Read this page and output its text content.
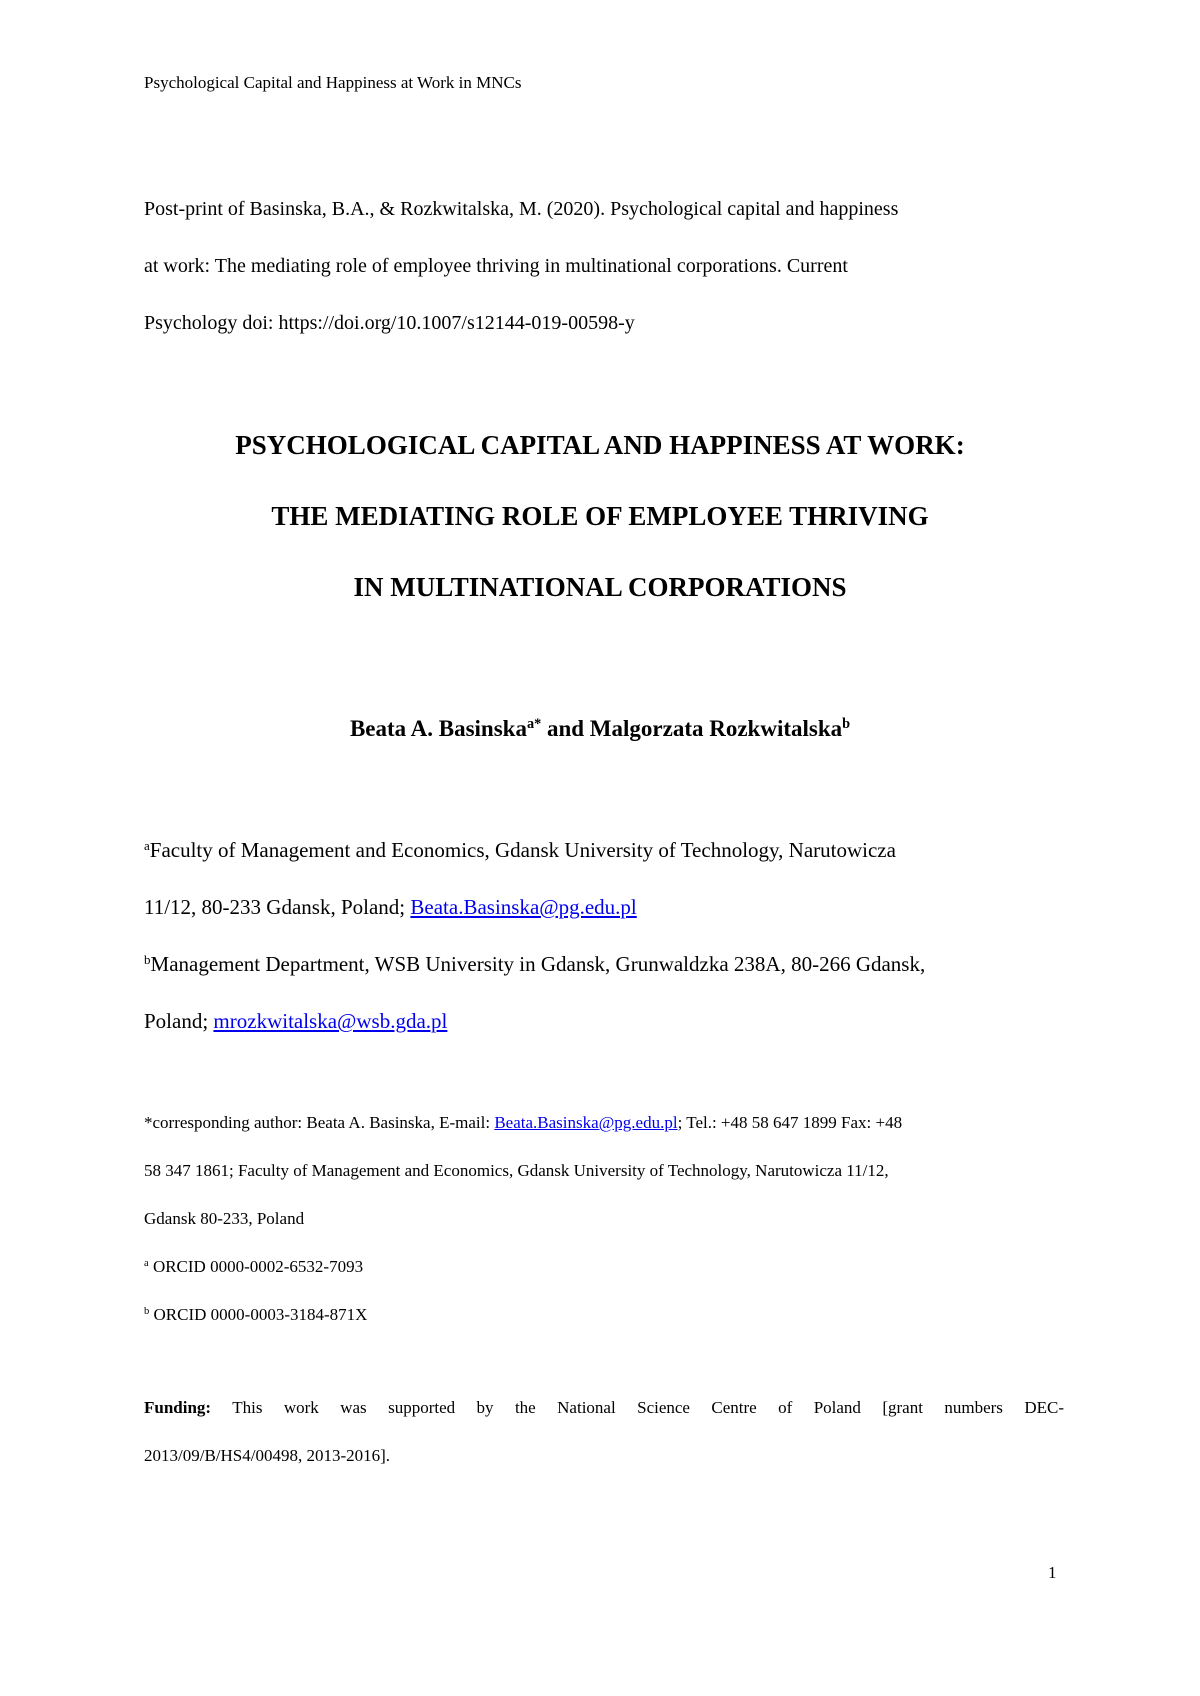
Psychological Capital and Happiness at Work in MNCs
Post-print of Basinska, B.A., & Rozkwitalska, M. (2020). Psychological capital and happiness
at work: The mediating role of employee thriving in multinational corporations. Current
Psychology doi: https://doi.org/10.1007/s12144-019-00598-y
PSYCHOLOGICAL CAPITAL AND HAPPINESS AT WORK:
THE MEDIATING ROLE OF EMPLOYEE THRIVING
IN MULTINATIONAL CORPORATIONS
Beata A. Basinska$^{a*}$ and Malgorzata Rozkwitalska$^b$
$^a$Faculty of Management and Economics, Gdansk University of Technology, Narutowicza
11/12, 80-233 Gdansk, Poland; Beata.Basinska@pg.edu.pl
$^b$Management Department, WSB University in Gdansk, Grunwaldzka 238A, 80-266 Gdansk,
Poland; mrozkwitalska@wsb.gda.pl
*corresponding author: Beata A. Basinska, E-mail: Beata.Basinska@pg.edu.pl; Tel.: +48 58 647 1899 Fax: +48
58 347 1861; Faculty of Management and Economics, Gdansk University of Technology, Narutowicza 11/12,
Gdansk 80-233, Poland
$^a$ ORCID 0000-0002-6532-7093
$^b$ ORCID 0000-0003-3184-871X
Funding: This work was supported by the National Science Centre of Poland [grant numbers DEC-
2013/09/B/HS4/00498, 2013-2016].
1
